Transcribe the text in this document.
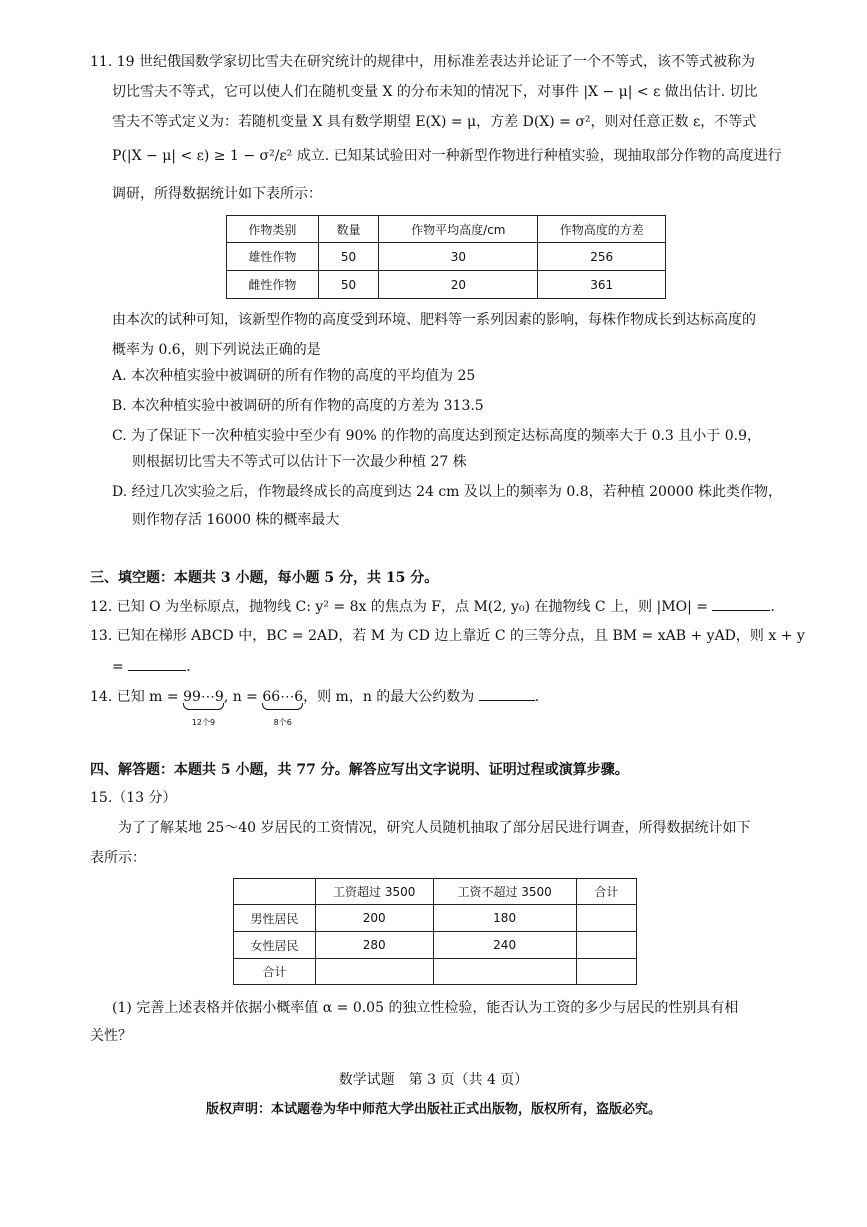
11. 19 世纪俄国数学家切比雪夫在研究统计的规律中，用标准差表达并论证了一个不等式，该不等式被称为
切比雪夫不等式，它可以使人们在随机变量 X 的分布未知的情况下，对事件 |X − μ| < ε 做出估计. 切比
雪夫不等式定义为：若随机变量 X 具有数学期望 E(X) = μ，方差 D(X) = σ²，则对任意正数 ε，不等式
P(|X − μ| < ε) ≥ 1 − σ²/ε² 成立. 已知某试验田对一种新型作物进行种植实验，现抽取部分作物的高度进行
调研，所得数据统计如下表所示：
作物类别	数量	作物平均高度/cm	作物高度的方差
雄性作物	50	30	256
雌性作物	50	20	361
由本次的试种可知，该新型作物的高度受到环境、肥料等一系列因素的影响，每株作物成长到达标高度的
概率为 0.6，则下列说法正确的是
A. 本次种植实验中被调研的所有作物的高度的平均值为 25
B. 本次种植实验中被调研的所有作物的高度的方差为 313.5
C. 为了保证下一次种植实验中至少有 90% 的作物的高度达到预定达标高度的频率大于 0.3 且小于 0.9，
则根据切比雪夫不等式可以估计下一次最少种植 27 株
D. 经过几次实验之后，作物最终成长的高度到达 24 cm 及以上的频率为 0.8，若种植 20000 株此类作物，
则作物存活 16000 株的概率最大
三、填空题：本题共 3 小题，每小题 5 分，共 15 分。
12. 已知 O 为坐标原点，抛物线 C: y² = 8x 的焦点为 F，点 M(2, y₀) 在抛物线 C 上，则 |MO| =	.
13. 已知在梯形 ABCD 中，BC = 2AD，若 M 为 CD 边上靠近 C 的三等分点，且 BM = xAB + yAD，则 x + y
=	.
14. 已知 m = 99⋯9
12个9
, n = 66⋯6
8个6
，则 m，n 的最大公约数为	.
四、解答题：本题共 5 小题，共 77 分。解答应写出文字说明、证明过程或演算步骤。
15.（13 分）
为了了解某地 25～40 岁居民的工资情况，研究人员随机抽取了部分居民进行调查，所得数据统计如下
表所示：
	工资超过 3500	工资不超过 3500	合计
男性居民	200	180	
女性居民	280	240	
合计			
(1) 完善上述表格并依据小概率值 α = 0.05 的独立性检验，能否认为工资的多少与居民的性别具有相
关性？
数学试题　第 3 页（共 4 页）
版权声明：本试题卷为华中师范大学出版社正式出版物，版权所有，盗版必究。
